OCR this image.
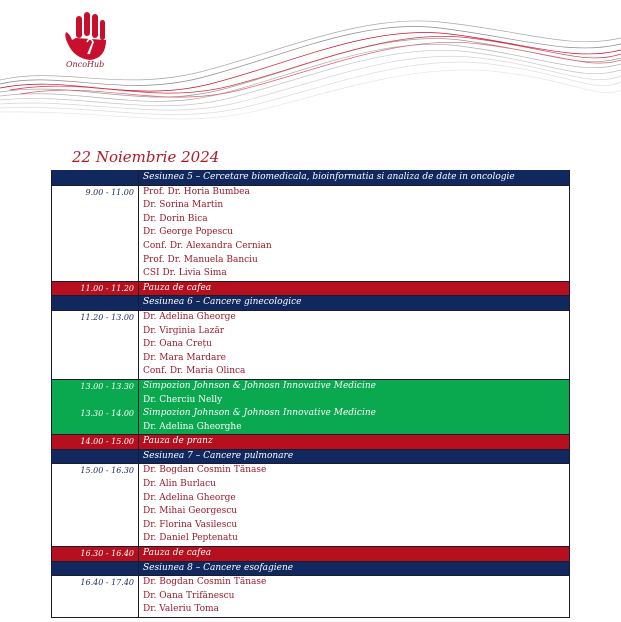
OncoHub
22 Noiembrie 2024
	Sesiunea 5 – Cercetare biomedicala, bioinformatia si analiza de date in oncologie
9.00 - 11.00	Prof. Dr. Horia Bumbea
	Dr. Sorina Martin
	Dr. Dorin Bica
	Dr. George Popescu
	Conf. Dr. Alexandra Cernian
	Prof. Dr. Manuela Banciu
	CSI Dr. Livia Sima
11.00 - 11.20	Pauza de cafea
	Sesiunea 6 – Cancere ginecologice
11.20 - 13.00	Dr. Adelina Gheorge
	Dr. Virginia Lazăr
	Dr. Oana Crețu
	Dr. Mara Mardare
	Conf. Dr. Maria Olinca
13.00 - 13.30	Simpozion Johnson & Johnosn Innovative Medicine
	Dr. Cherciu Nelly
13.30 - 14.00	Simpozion Johnson & Johnosn Innovative Medicine
	Dr. Adelina Gheorghe
14.00 - 15.00	Pauza de pranz
	Sesiunea 7 – Cancere pulmonare
15.00 - 16.30	Dr. Bogdan Cosmin Tănase
	Dr. Alin Burlacu
	Dr. Adelina Gheorge
	Dr. Mihai Georgescu
	Dr. Florina Vasilescu
	Dr. Daniel Peptenatu
16.30 - 16.40	Pauza de cafea
	Sesiunea 8 – Cancere esofagiene
16.40 - 17.40	Dr. Bogdan Cosmin Tănase
	Dr. Oana Trifănescu
	Dr. Valeriu Toma
